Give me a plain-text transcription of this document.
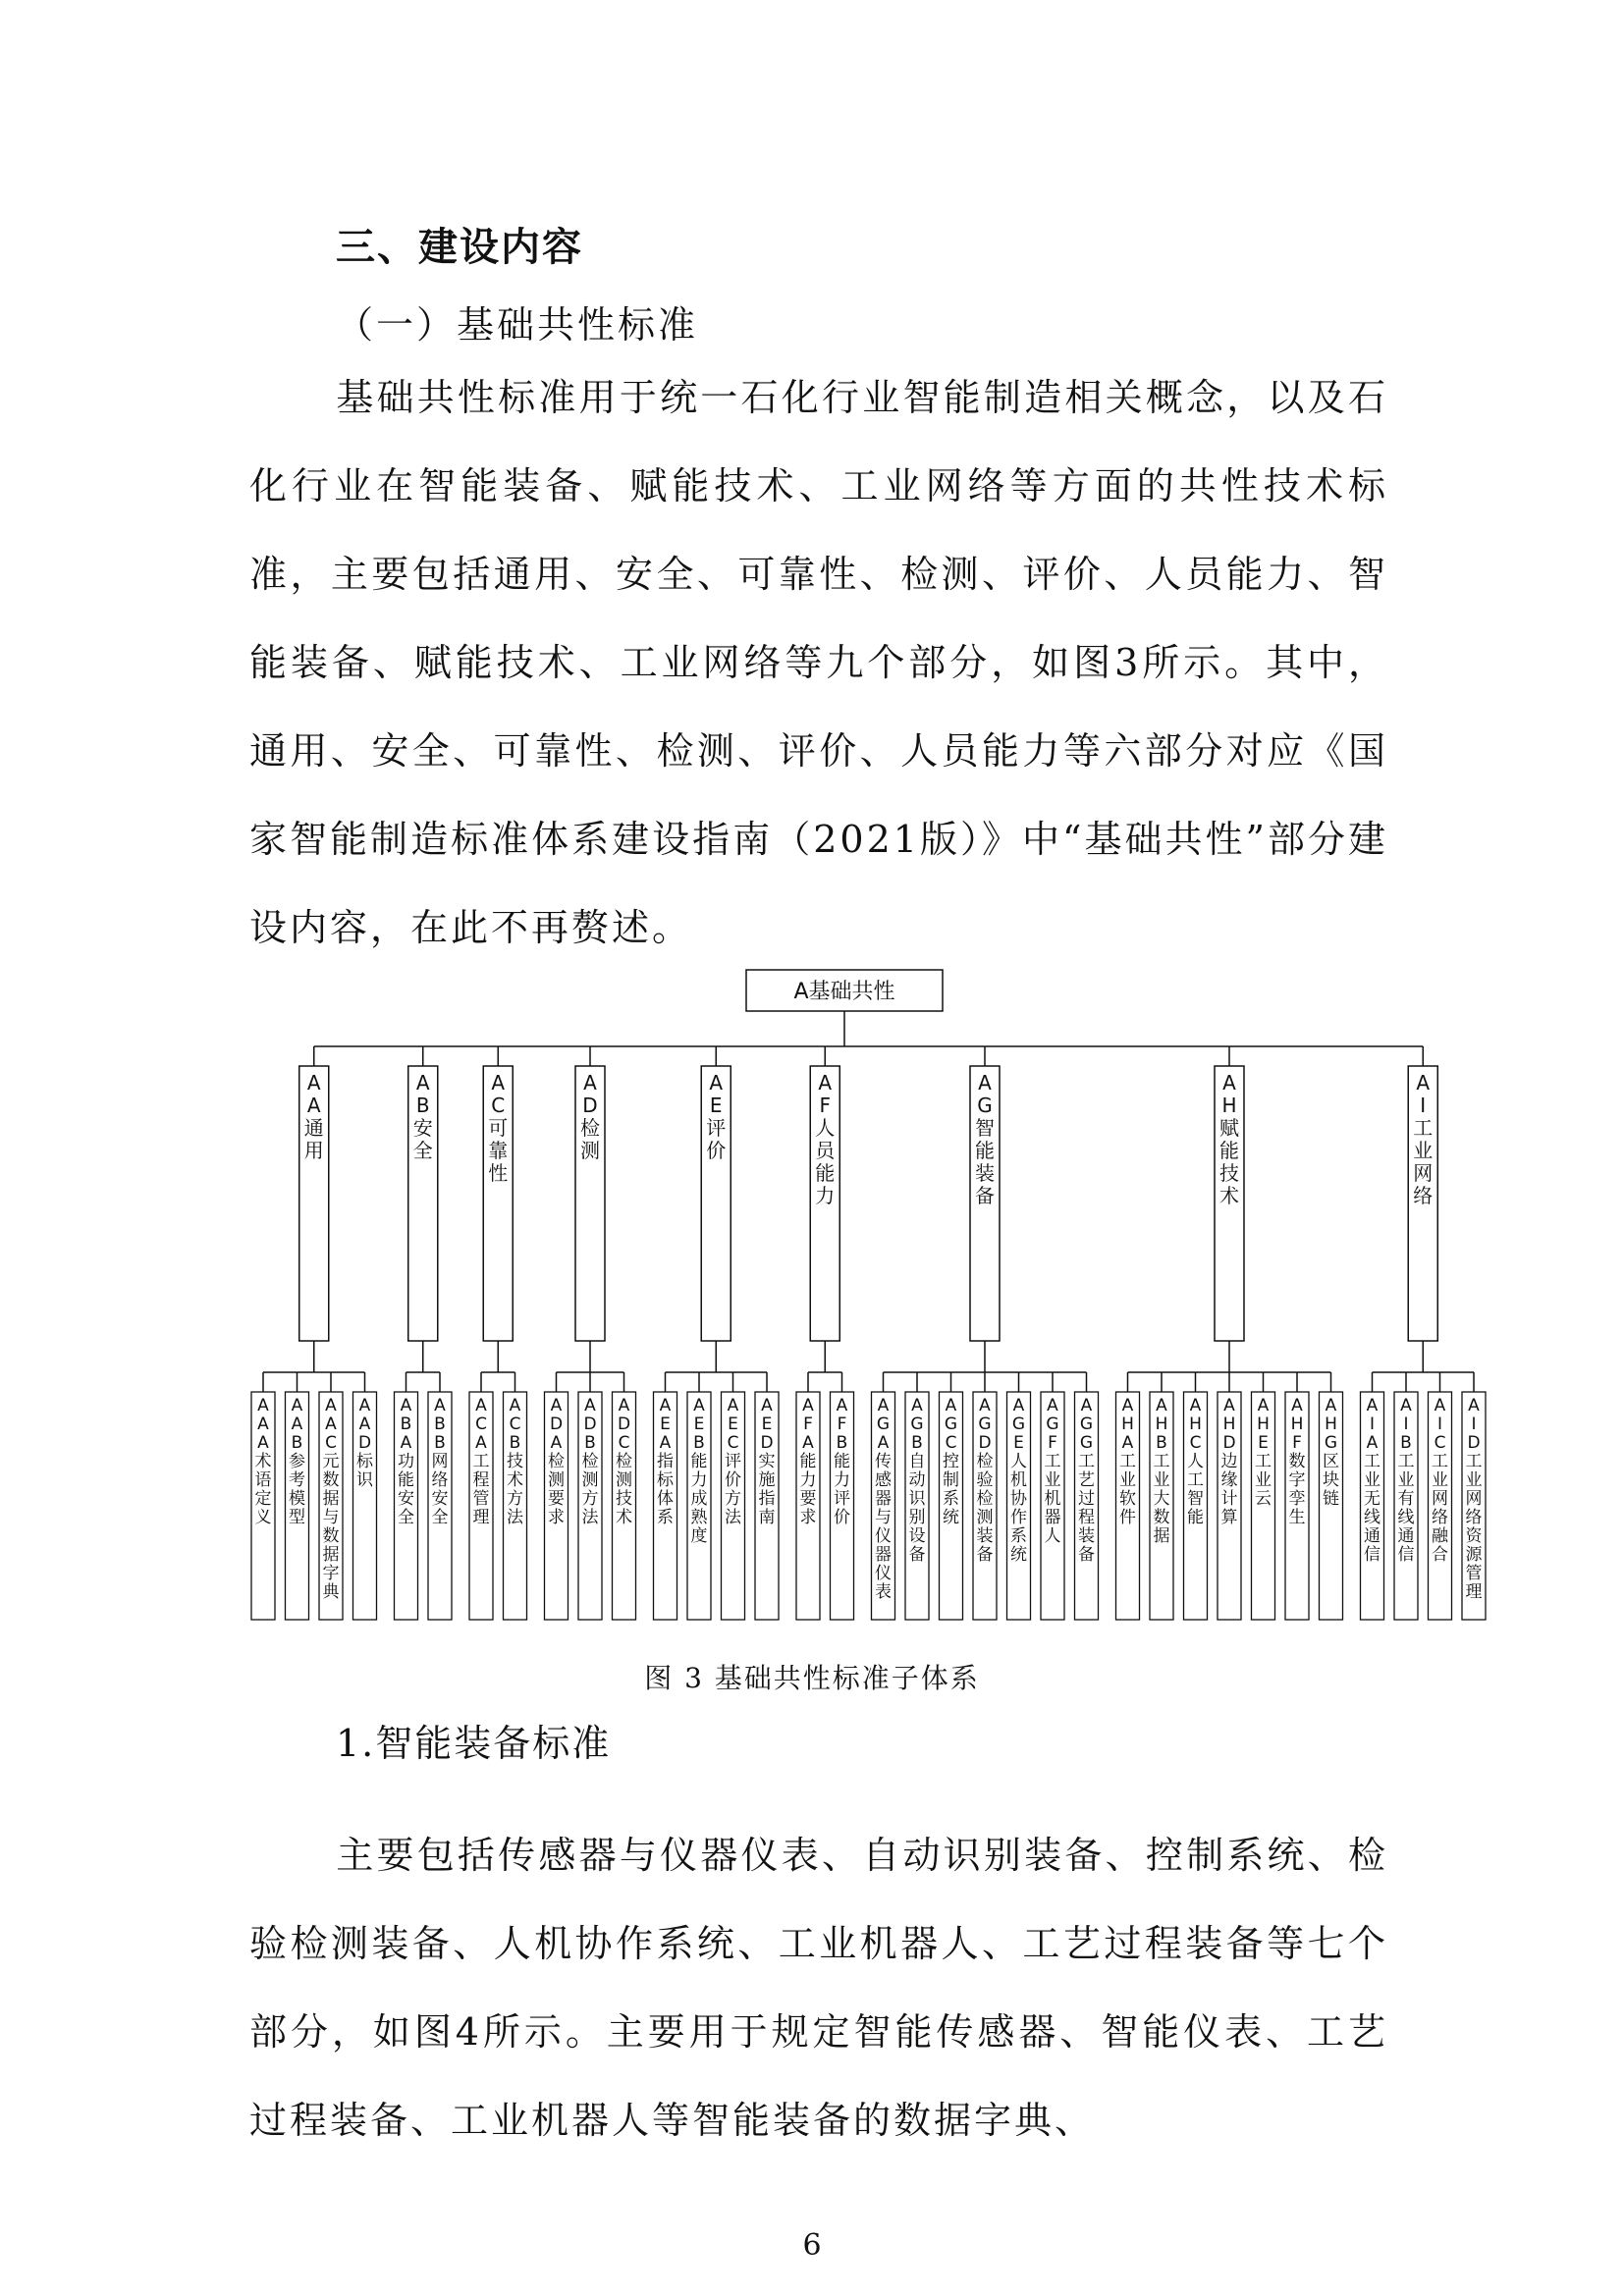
三、建设内容
（一）基础共性标准

基础共性标准用于统一石化行业智能制造相关概念，以及石化行业在智能装备、赋能技术、工业网络等方面的共性技术标准，主要包括通用、安全、可靠性、检测、评价、人员能力、智能装备、赋能技术、工业网络等九个部分，如图3所示。其中，通用、安全、可靠性、检测、评价、人员能力等六部分对应《国家智能制造标准体系建设指南（2021版）》中“基础共性”部分建设内容，在此不再赘述。

A基础共性
A
A
通
用
A
A
A
术
语
定
义
A
A
B
参
考
模
型
A
A
C
元
数
据
与
数
据
字
典
A
A
D
标
识
A
B
安
全
A
B
A
功
能
安
全
A
B
B
网
络
安
全
A
C
可
靠
性
A
C
A
工
程
管
理
A
C
B
技
术
方
法
A
D
检
测
A
D
A
检
测
要
求
A
D
B
检
测
方
法
A
D
C
检
测
技
术
A
E
评
价
A
E
A
指
标
体
系
A
E
B
能
力
成
熟
度
A
E
C
评
价
方
法
A
E
D
实
施
指
南
A
F
人
员
能
力
A
F
A
能
力
要
求
A
F
B
能
力
评
价
A
G
智
能
装
备
A
G
A
传
感
器
与
仪
器
仪
表
A
G
B
自
动
识
别
设
备
A
G
C
控
制
系
统
A
G
D
检
验
检
测
装
备
A
G
E
人
机
协
作
系
统
A
G
F
工
业
机
器
人
A
G
G
工
艺
过
程
装
备
A
H
赋
能
技
术
A
H
A
工
业
软
件
A
H
B
工
业
大
数
据
A
H
C
人
工
智
能
A
H
D
边
缘
计
算
A
H
E
工
业
云
A
H
F
数
字
孪
生
A
H
G
区
块
链
A
I
工
业
网
络
A
I
A
工
业
无
线
通
信
A
I
B
工
业
有
线
通
信
A
I
C
工
业
网
络
融
合
A
I
D
工
业
网
络
资
源
管
理
图 3 基础共性标准子体系
1.智能装备标准

主要包括传感器与仪器仪表、自动识别装备、控制系统、检验检测装备、人机协作系统、工业机器人、工艺过程装备等七个部分，如图4所示。主要用于规定智能传感器、智能仪表、工艺过程装备、工业机器人等智能装备的数据字典、

6
